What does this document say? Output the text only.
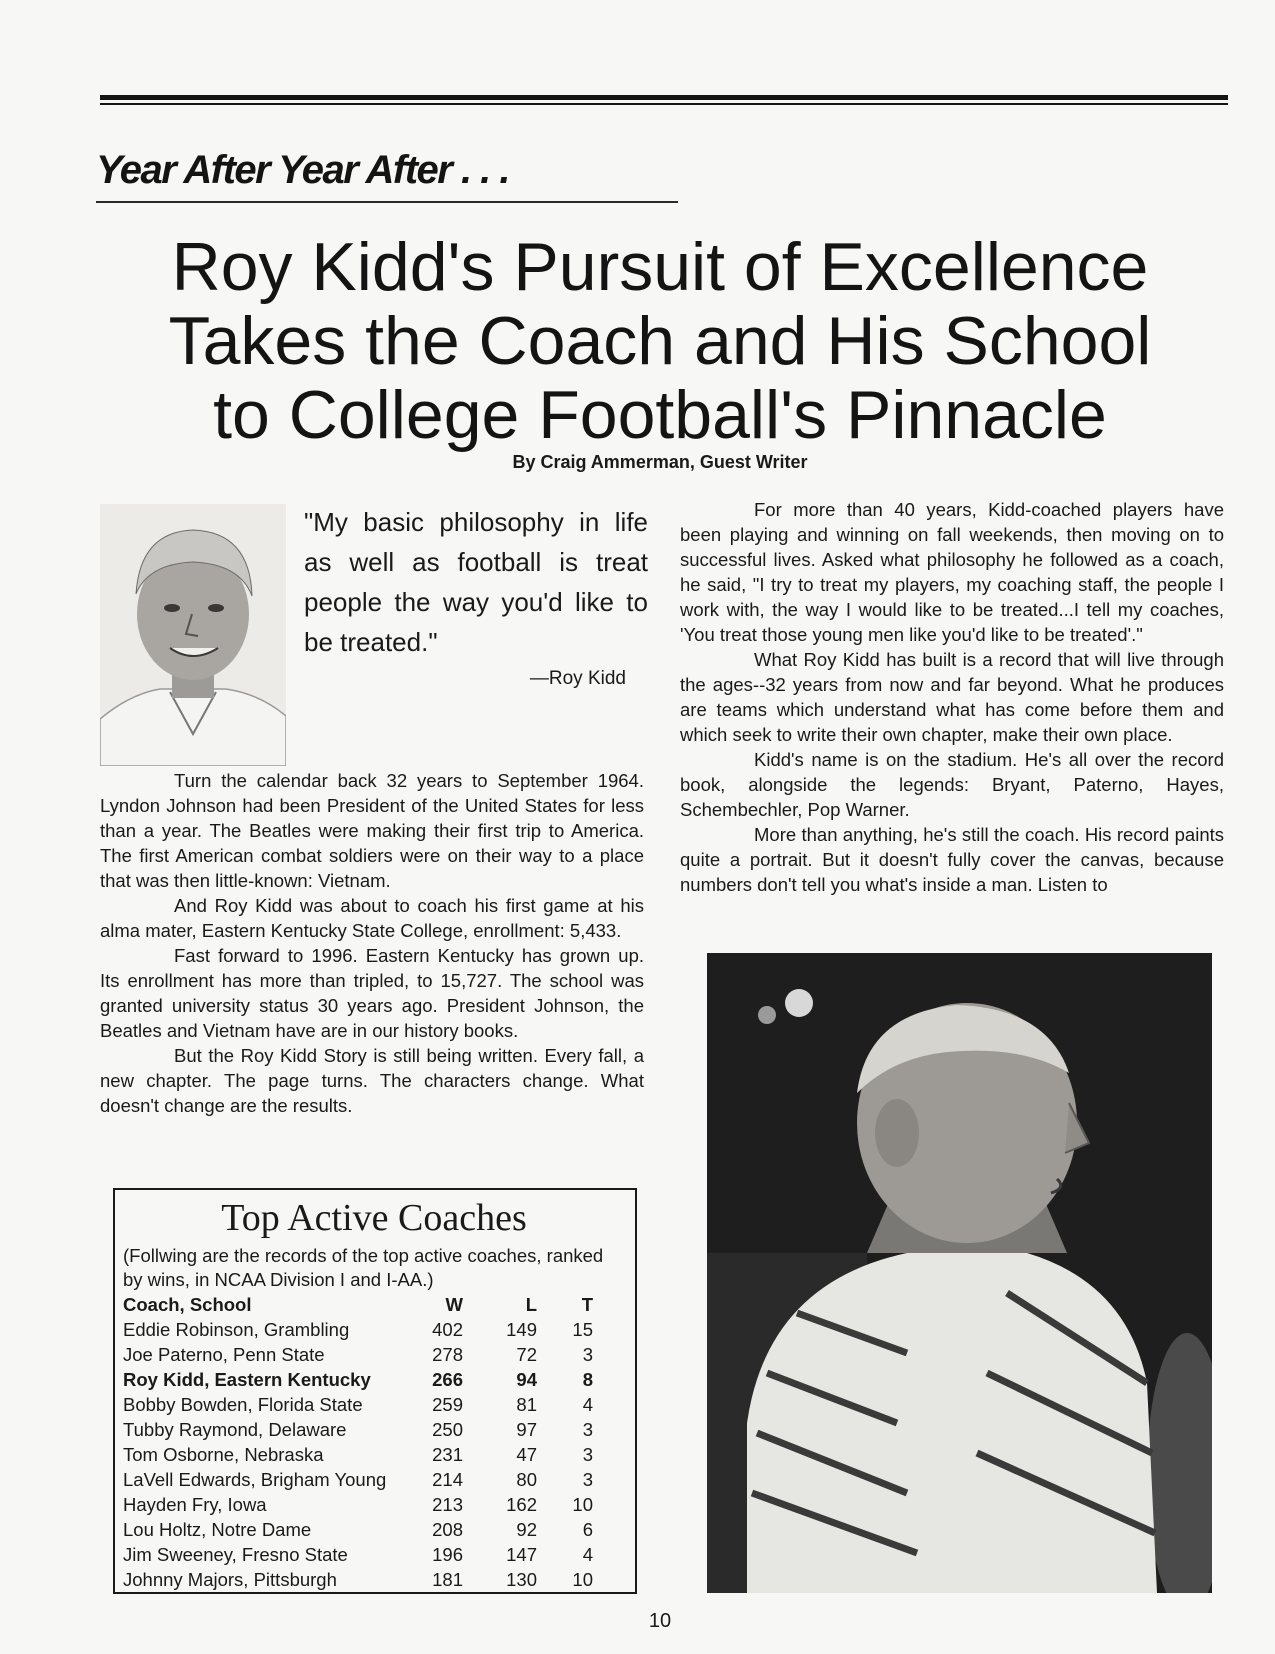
Year After Year After . . .
Roy Kidd's Pursuit of Excellence
Takes the Coach and His School
to College Football's Pinnacle
By Craig Ammerman, Guest Writer
"My basic philosophy in life as well as football is treat people the way you'd like to be treated."
—Roy Kidd

Turn the calendar back 32 years to September 1964. Lyndon Johnson had been President of the United States for less than a year. The Beatles were making their first trip to America. The first American combat soldiers were on their way to a place that was then little-known: Vietnam.

And Roy Kidd was about to coach his first game at his alma mater, Eastern Kentucky State College, enrollment: 5,433.

Fast forward to 1996. Eastern Kentucky has grown up. Its enrollment has more than tripled, to 15,727. The school was granted university status 30 years ago. President Johnson, the Beatles and Vietnam have are in our history books.

But the Roy Kidd Story is still being written. Every fall, a new chapter. The page turns. The characters change. What doesn't change are the results.

For more than 40 years, Kidd-coached players have been playing and winning on fall weekends, then moving on to successful lives. Asked what philosophy he followed as a coach, he said, "I try to treat my players, my coaching staff, the people I work with, the way I would like to be treated...I tell my coaches, 'You treat those young men like you'd like to be treated'."

What Roy Kidd has built is a record that will live through the ages--32 years from now and far beyond. What he produces are teams which understand what has come before them and which seek to write their own chapter, make their own place.

Kidd's name is on the stadium. He's all over the record book, alongside the legends: Bryant, Paterno, Hayes, Schembechler, Pop Warner.

More than anything, he's still the coach. His record paints quite a portrait. But it doesn't fully cover the canvas, because numbers don't tell you what's inside a man. Listen to

Top Active Coaches

(Follwing are the records of the top active coaches, ranked by wins, in NCAA Division I and I-AA.)

Coach, School	W	L	T
Eddie Robinson, Grambling	402	149	15
Joe Paterno, Penn State	278	72	3
Roy Kidd, Eastern Kentucky	266	94	8
Bobby Bowden, Florida State	259	81	4
Tubby Raymond, Delaware	250	97	3
Tom Osborne, Nebraska	231	47	3
LaVell Edwards, Brigham Young	214	80	3
Hayden Fry, Iowa	213	162	10
Lou Holtz, Notre Dame	208	92	6
Jim Sweeney, Fresno State	196	147	4
Johnny Majors, Pittsburgh	181	130	10
10
